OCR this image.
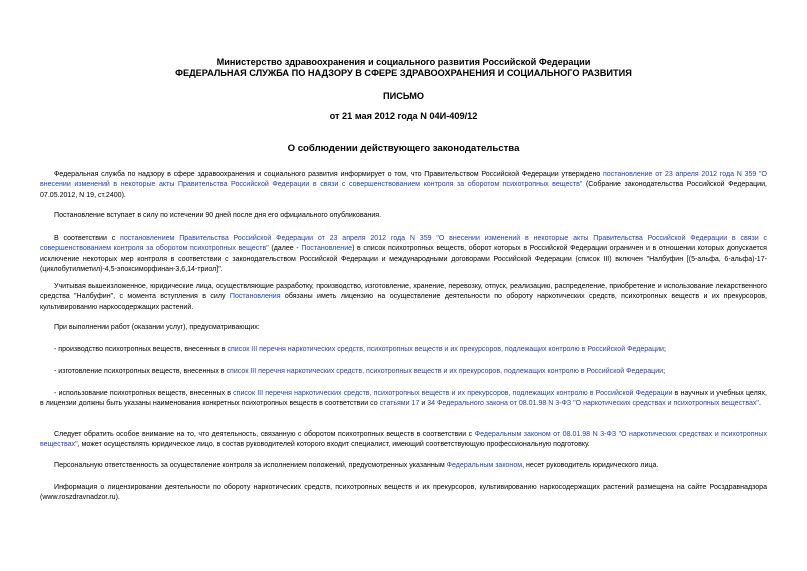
Министерство здравоохранения и социального развития Российской Федерации
ФЕДЕРАЛЬНАЯ СЛУЖБА ПО НАДЗОРУ В СФЕРЕ ЗДРАВООХРАНЕНИЯ И СОЦИАЛЬНОГО РАЗВИТИЯ
ПИСЬМО
от 21 мая 2012 года N 04И-409/12
О соблюдении действующего законодательства
Федеральная служба по надзору в сфере здравоохранения и социального развития информирует о том, что Правительством Российской Федерации утверждено постановление от 23 апреля 2012 года N 359 "О внесении изменений в некоторые акты Правительства Российской Федерации в связи с совершенствованием контроля за оборотом психотропных веществ" (Собрание законодательства Российской Федерации, 07.05.2012, N 19, ст.2400).
Постановление вступает в силу по истечении 90 дней после дня его официального опубликования.
В соответствии с постановлением Правительства Российской Федерации от 23 апреля 2012 года N 359 "О внесении изменений в некоторые акты Правительства Российской Федерации в связи с совершенствованием контроля за оборотом психотропных веществ" (далее - Постановление) в список психотропных веществ, оборот которых в Российской Федерации ограничен и в отношении которых допускается исключение некоторых мер контроля в соответствии с законодательством Российской Федерации и международными договорами Российской Федерации (список III) включен "Налбуфин [(5-альфа, 6-альфа)-17-(циклобутилметил)-4,5-эпоксиморфинан-3,6,14-триол]".
Учитывая вышеизложенное, юридические лица, осуществляющие разработку, производство, изготовление, хранение, перевозку, отпуск, реализацию, распределение, приобретение и использование лекарственного средства "Налбуфин", с момента вступления в силу Постановления обязаны иметь лицензию на осуществление деятельности по обороту наркотических средств, психотропных веществ и их прекурсоров, культивированию наркосодержащих растений.
При выполнении работ (оказании услуг), предусматривающих:
- производство психотропных веществ, внесенных в список III перечня наркотических средств, психотропных веществ и их прекурсоров, подлежащих контролю в Российской Федерации;
- изготовление психотропных веществ, внесенных в список III перечня наркотических средств, психотропных веществ и их прекурсоров, подлежащих контролю в Российской Федерации;
- использование психотропных веществ, внесенных в список III перечня наркотических средств, психотропных веществ и их прекурсоров, подлежащих контролю в Российской Федерации в научных и учебных целях, в лицензии должны быть указаны наименования конкретных психотропных веществ в соответствии со статьями 17 и 34 Федерального закона от 08.01.98 N 3-ФЗ "О наркотических средствах и психотропных веществах".
Следует обратить особое внимание на то, что деятельность, связанную с оборотом психотропных веществ в соответствии с Федеральным законом от 08.01.98 N 3-ФЗ "О наркотических средствах и психотропных веществах", может осуществлять юридическое лицо, в состав руководителей которого входит специалист, имеющий соответствующую профессиональную подготовку.
Персональную ответственность за осуществление контроля за исполнением положений, предусмотренных указанным Федеральным законом, несет руководитель юридического лица.
Информация о лицензировании деятельности по обороту наркотических средств, психотропных веществ и их прекурсоров, культивированию наркосодержащих растений размещена на сайте Росздравнадзора (www.roszdravnadzor.ru).
